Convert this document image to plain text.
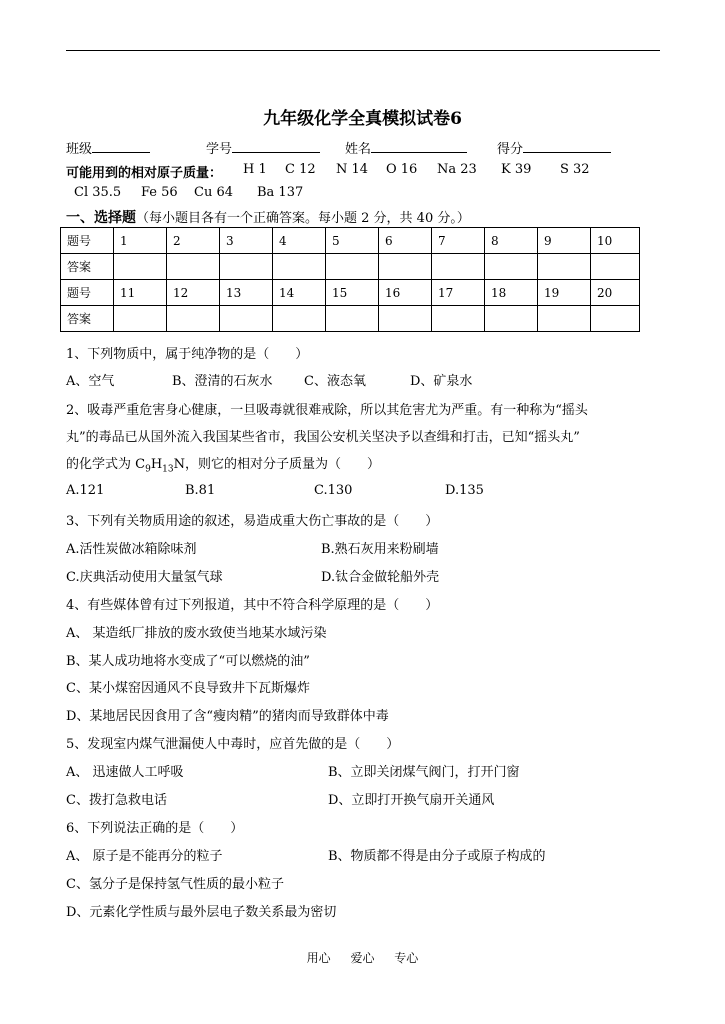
九年级化学全真模拟试卷6
班级	学号	姓名	得分
可能用到的相对原子质量： H 1 C 12 N 14 O 16 Na 23 K 39 S 32
Cl 35.5 Fe 56 Cu 64 Ba 137
一、选择题（每小题目各有一个正确答案。每小题 2 分，共 40 分。）
题号	1	2	3	4	5	6	7	8	9	10
答案										
题号	11	12	13	14	15	16	17	18	19	20
答案										
1、下列物质中，属于纯净物的是（　　）
A、空气	B、澄清的石灰水 C、液态氧	D、矿泉水
2、吸毒严重危害身心健康，一旦吸毒就很难戒除，所以其危害尤为严重。有一种称为“摇头
丸”的毒品已从国外流入我国某些省市，我国公安机关坚决予以查缉和打击，已知“摇头丸”
的化学式为 $C_9H_{13}N$，则它的相对分子质量为（　　）
A.121	B.81	C.130	D.135
3、下列有关物质用途的叙述，易造成重大伤亡事故的是（　　）
A.活性炭做冰箱除味剂	B.熟石灰用来粉刷墙
C.庆典活动使用大量氢气球	D.钛合金做轮船外壳
4、有些媒体曾有过下列报道，其中不符合科学原理的是（　　）
A、 某造纸厂排放的废水致使当地某水域污染
B、某人成功地将水变成了“可以燃烧的油”
C、某小煤窑因通风不良导致井下瓦斯爆炸
D、某地居民因食用了含“瘦肉精”的猪肉而导致群体中毒
5、发现室内煤气泄漏使人中毒时，应首先做的是（　　）
A、 迅速做人工呼吸	B、立即关闭煤气阀门，打开门窗
C、拨打急救电话	D、立即打开换气扇开关通风
6、下列说法正确的是（　　）
A、 原子是不能再分的粒子	B、物质都不得是由分子或原子构成的
C、氢分子是保持氢气性质的最小粒子
D、元素化学性质与最外层电子数关系最为密切
用心 爱心 专心
